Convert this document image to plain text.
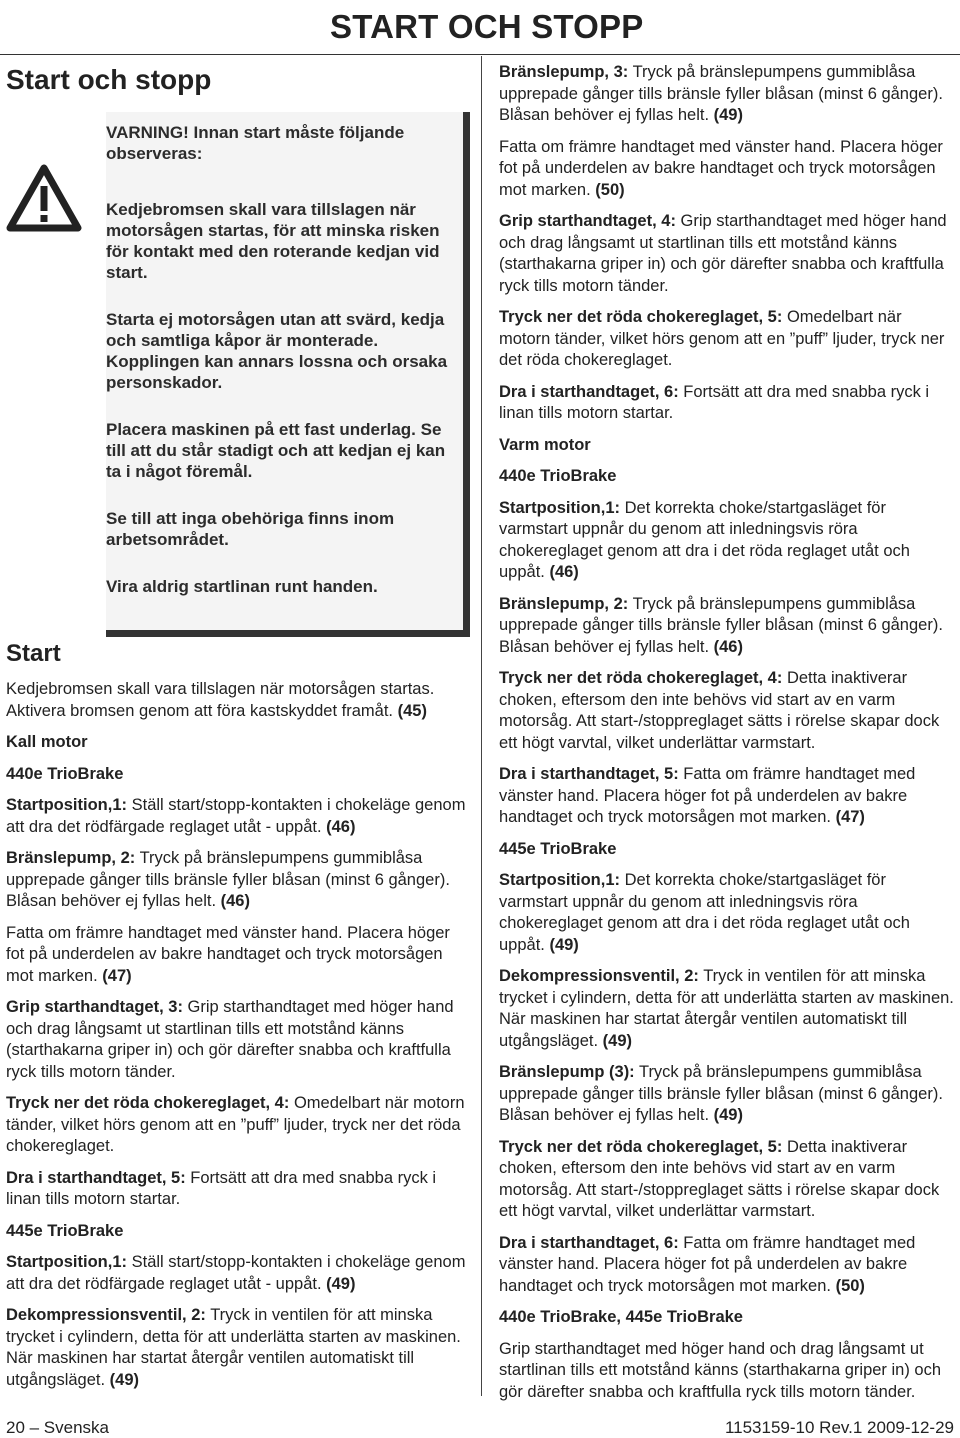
START OCH STOPP
Start och stopp

VARNING! Innan start måste följande observeras:

Kedjebromsen skall vara tillslagen när motorsågen startas, för att minska risken för kontakt med den roterande kedjan vid start.

Starta ej motorsågen utan att svärd, kedja och samtliga kåpor är monterade. Kopplingen kan annars lossna och orsaka personskador.

Placera maskinen på ett fast underlag. Se till att du står stadigt och att kedjan ej kan ta i något föremål.

Se till att inga obehöriga finns inom arbetsområdet.

Vira aldrig startlinan runt handen.

Start

Kedjebromsen skall vara tillslagen när motorsågen startas. Aktivera bromsen genom att föra kastskyddet framåt. (45)

Kall motor

440e TrioBrake

Startposition,1: Ställ start/stopp-kontakten i chokeläge genom att dra det rödfärgade reglaget utåt - uppåt. (46)

Bränslepump, 2: Tryck på bränslepumpens gummiblåsa upprepade gånger tills bränsle fyller blåsan (minst 6 gånger). Blåsan behöver ej fyllas helt. (46)

Fatta om främre handtaget med vänster hand. Placera höger fot på underdelen av bakre handtaget och tryck motorsågen mot marken. (47)

Grip starthandtaget, 3: Grip starthandtaget med höger hand och drag långsamt ut startlinan tills ett motstånd känns (starthakarna griper in) och gör därefter snabba och kraftfulla ryck tills motorn tänder.

Tryck ner det röda chokereglaget, 4: Omedelbart när motorn tänder, vilket hörs genom att en ”puff” ljuder, tryck ner det röda chokereglaget.

Dra i starthandtaget, 5: Fortsätt att dra med snabba ryck i linan tills motorn startar.

445e TrioBrake

Startposition,1: Ställ start/stopp-kontakten i chokeläge genom att dra det rödfärgade reglaget utåt - uppåt. (49)

Dekompressionsventil, 2: Tryck in ventilen för att minska trycket i cylindern, detta för att underlätta starten av maskinen. När maskinen har startat återgår ventilen automatiskt till utgångsläget. (49)

Bränslepump, 3: Tryck på bränslepumpens gummiblåsa upprepade gånger tills bränsle fyller blåsan (minst 6 gånger). Blåsan behöver ej fyllas helt. (49)

Fatta om främre handtaget med vänster hand. Placera höger fot på underdelen av bakre handtaget och tryck motorsågen mot marken. (50)

Grip starthandtaget, 4: Grip starthandtaget med höger hand och drag långsamt ut startlinan tills ett motstånd känns (starthakarna griper in) och gör därefter snabba och kraftfulla ryck tills motorn tänder.

Tryck ner det röda chokereglaget, 5: Omedelbart när motorn tänder, vilket hörs genom att en ”puff” ljuder, tryck ner det röda chokereglaget.

Dra i starthandtaget, 6: Fortsätt att dra med snabba ryck i linan tills motorn startar.

Varm motor

440e TrioBrake

Startposition,1: Det korrekta choke/startgasläget för varmstart uppnår du genom att inledningsvis röra chokereglaget genom att dra i det röda reglaget utåt och uppåt. (46)

Bränslepump, 2: Tryck på bränslepumpens gummiblåsa upprepade gånger tills bränsle fyller blåsan (minst 6 gånger). Blåsan behöver ej fyllas helt. (46)

Tryck ner det röda chokereglaget, 4: Detta inaktiverar choken, eftersom den inte behövs vid start av en varm motorsåg. Att start-/stoppreglaget sätts i rörelse skapar dock ett högt varvtal, vilket underlättar varmstart.

Dra i starthandtaget, 5: Fatta om främre handtaget med vänster hand. Placera höger fot på underdelen av bakre handtaget och tryck motorsågen mot marken. (47)

445e TrioBrake

Startposition,1: Det korrekta choke/startgasläget för varmstart uppnår du genom att inledningsvis röra chokereglaget genom att dra i det röda reglaget utåt och uppåt. (49)

Dekompressionsventil, 2: Tryck in ventilen för att minska trycket i cylindern, detta för att underlätta starten av maskinen. När maskinen har startat återgår ventilen automatiskt till utgångsläget. (49)

Bränslepump (3): Tryck på bränslepumpens gummiblåsa upprepade gånger tills bränsle fyller blåsan (minst 6 gånger). Blåsan behöver ej fyllas helt. (49)

Tryck ner det röda chokereglaget, 5: Detta inaktiverar choken, eftersom den inte behövs vid start av en varm motorsåg. Att start-/stoppreglaget sätts i rörelse skapar dock ett högt varvtal, vilket underlättar varmstart.

Dra i starthandtaget, 6: Fatta om främre handtaget med vänster hand. Placera höger fot på underdelen av bakre handtaget och tryck motorsågen mot marken. (50)

440e TrioBrake, 445e TrioBrake

Grip starthandtaget med höger hand och drag långsamt ut startlinan tills ett motstånd känns (starthakarna griper in) och gör därefter snabba och kraftfulla ryck tills motorn tänder.

20 – Svenska	1153159-10 Rev.1 2009-12-29
